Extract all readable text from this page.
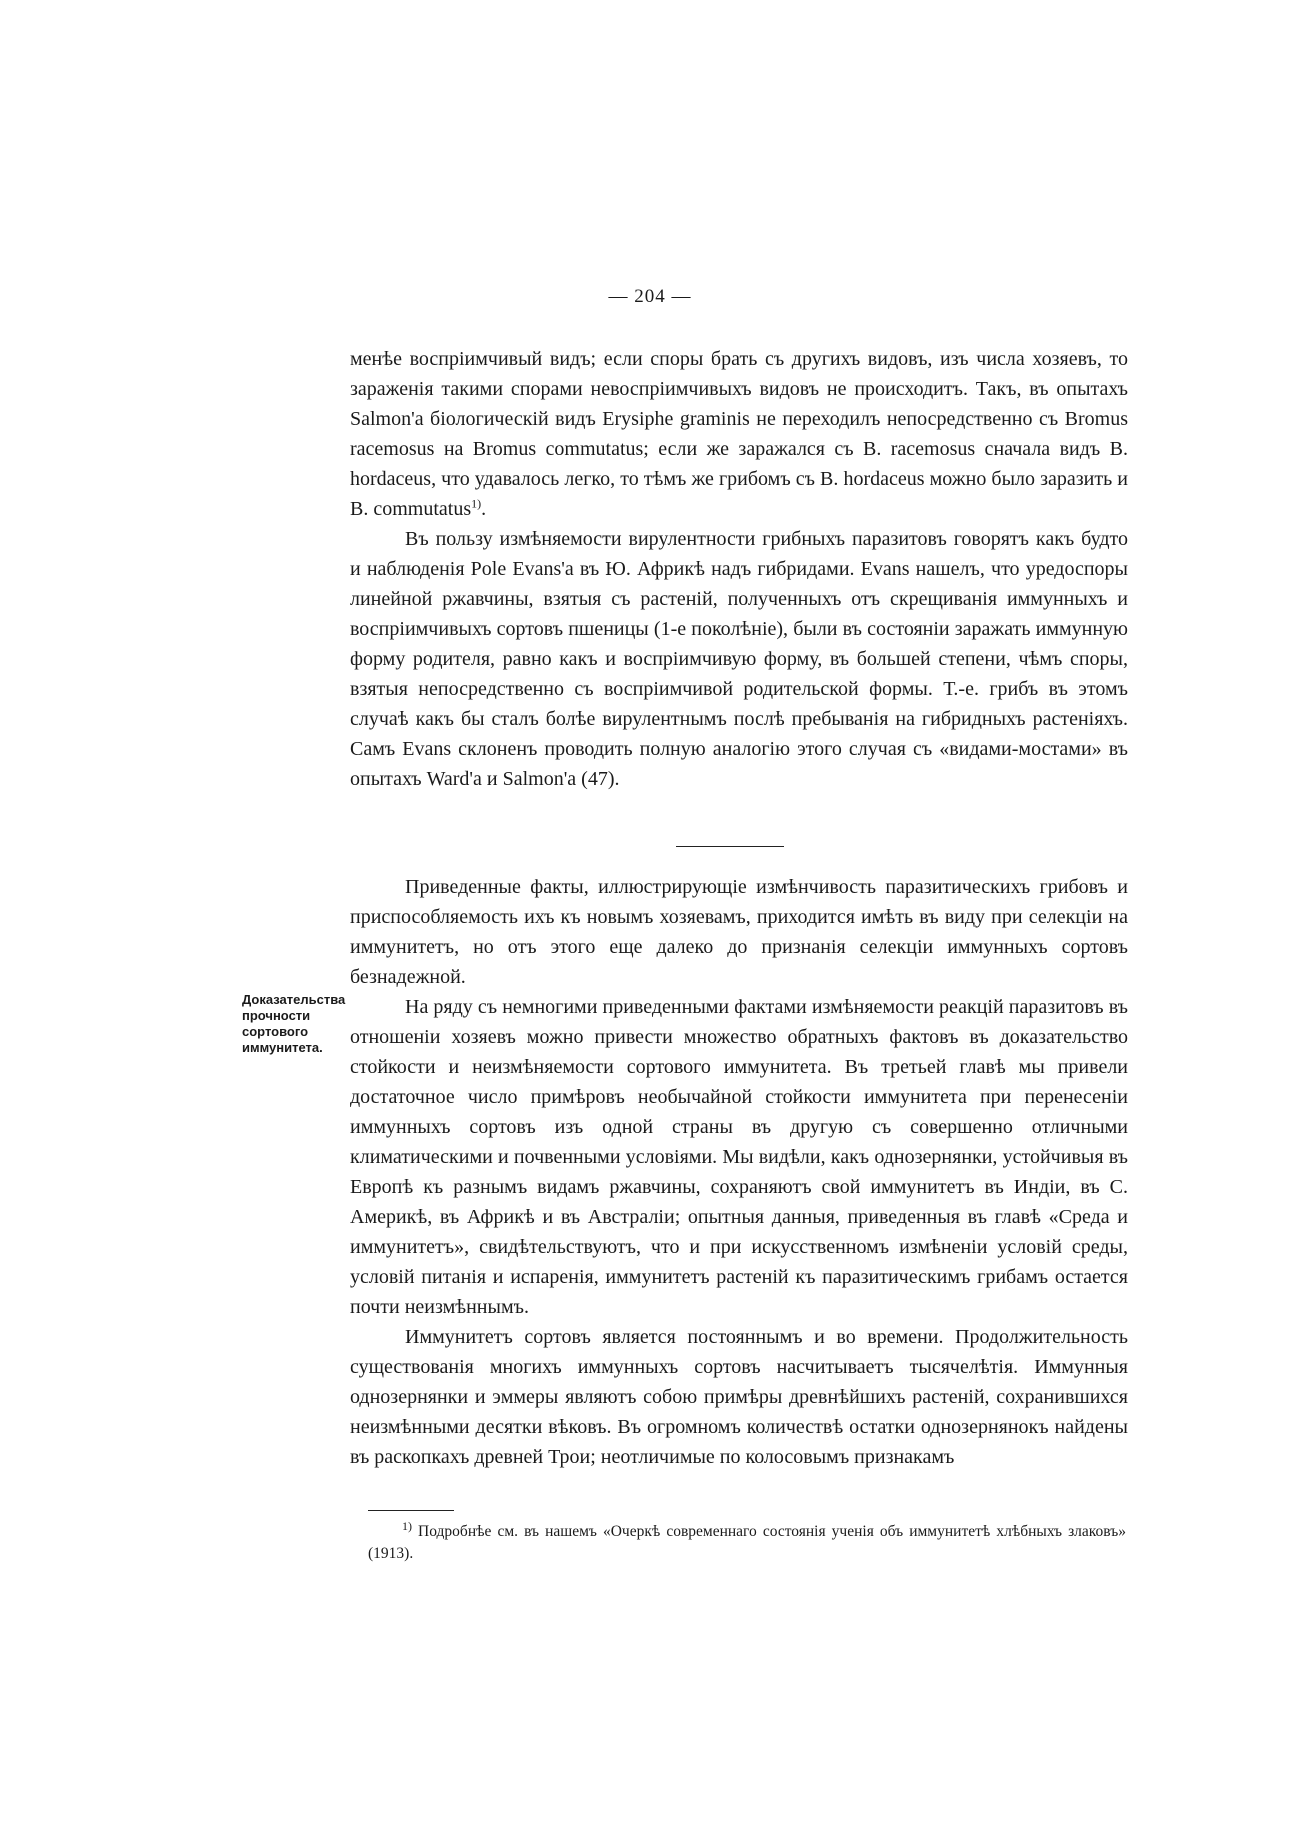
— 204 —

менѣе воспріимчивый видъ; если споры брать съ другихъ видовъ, изъ числа хозяевъ, то зараженія такими спорами невоспріимчивыхъ видовъ не происходитъ. Такъ, въ опытахъ Salmon'а біологическій видъ Erysiphe graminis не переходилъ непосредственно съ Bromus racemosus на Bromus commutatus; если же заражался съ B. racemosus сначала видъ B. hordaceus, что удавалось легко, то тѣмъ же грибомъ съ B. hordaceus можно было заразить и B. commutatus$^{1)}$.

Въ пользу измѣняемости вирулентности грибныхъ паразитовъ говорятъ какъ будто и наблюденія Pole Evans'а въ Ю. Африкѣ надъ гибридами. Evans нашелъ, что уредоспоры линейной ржавчины, взятыя съ растеній, полученныхъ отъ скрещиванія иммунныхъ и воспріимчивыхъ сортовъ пшеницы (1-е поколѣніе), были въ состояніи заражать иммунную форму родителя, равно какъ и воспріимчивую форму, въ большей степени, чѣмъ споры, взятыя непосредственно съ воспріимчивой родительской формы. Т.-е. грибъ въ этомъ случаѣ какъ бы сталъ болѣе вирулентнымъ послѣ пребыванія на гибридныхъ растеніяхъ. Самъ Evans склоненъ проводить полную аналогію этого случая съ «видами-мостами» въ опытахъ Ward'а и Salmon'а (47).

Доказательства прочности сортового иммунитета.

Приведенные факты, иллюстрирующіе измѣнчивость паразитическихъ грибовъ и приспособляемость ихъ къ новымъ хозяевамъ, приходится имѣть въ виду при селекціи на иммунитетъ, но отъ этого еще далеко до признанія селекціи иммунныхъ сортовъ безнадежной.

На ряду съ немногими приведенными фактами измѣняемости реакцій паразитовъ въ отношеніи хозяевъ можно привести множество обратныхъ фактовъ въ доказательство стойкости и неизмѣняемости сортового иммунитета. Въ третьей главѣ мы привели достаточное число примѣровъ необычайной стойкости иммунитета при перенесеніи иммунныхъ сортовъ изъ одной страны въ другую съ совершенно отличными климатическими и почвенными условіями. Мы видѣли, какъ однозернянки, устойчивыя въ Европѣ къ разнымъ видамъ ржавчины, сохраняютъ свой иммунитетъ въ Индіи, въ С. Америкѣ, въ Африкѣ и въ Австраліи; опытныя данныя, приведенныя въ главѣ «Среда и иммунитетъ», свидѣтельствуютъ, что и при искусственномъ измѣненіи условій среды, условій питанія и испаренія, иммунитетъ растеній къ паразитическимъ грибамъ остается почти неизмѣннымъ.

Иммунитетъ сортовъ является постояннымъ и во времени. Продолжительность существованія многихъ иммунныхъ сортовъ насчитываетъ тысячелѣтія. Иммунныя однозернянки и эммеры являютъ собою примѣры древнѣйшихъ растеній, сохранившихся неизмѣнными десятки вѣковъ. Въ огромномъ количествѣ остатки однозернянокъ найдены въ раскопкахъ древней Трои; неотличимые по колосовымъ признакамъ

$^{1)}$ Подробнѣе см. въ нашемъ «Очеркѣ современнаго состоянія ученія объ иммунитетѣ хлѣбныхъ злаковъ» (1913).
